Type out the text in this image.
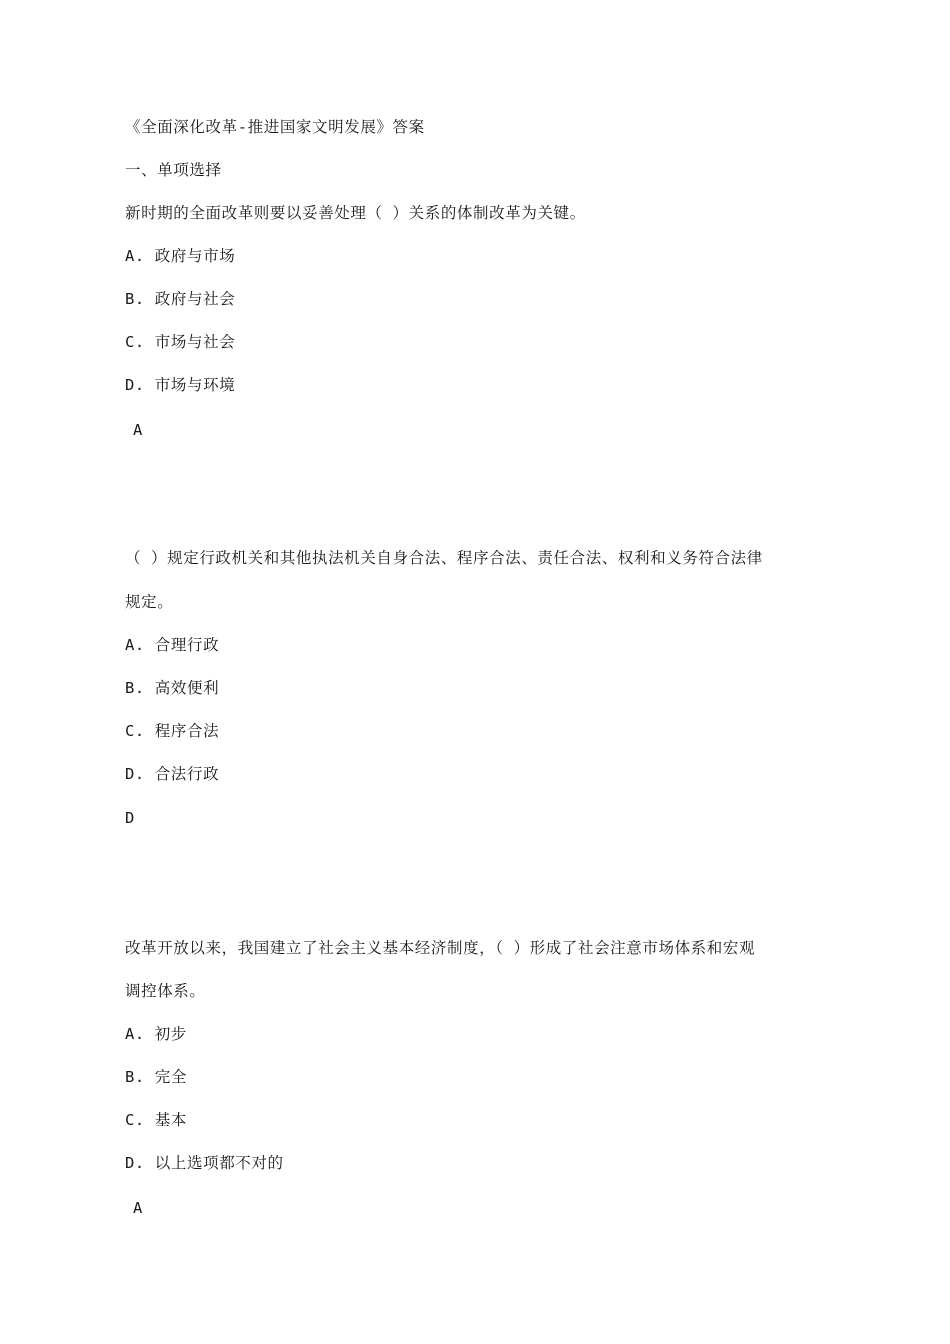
《全面深化改革-推进国家文明发展》答案

一、单项选择

新时期的全面改革则要以妥善处理（ ）关系的体制改革为关键。

A. 政府与市场

B. 政府与社会

C. 市场与社会

D. 市场与环境

A

（ ）规定行政机关和其他执法机关自身合法、程序合法、责任合法、权利和义务符合法律

规定。

A. 合理行政

B. 高效便利

C. 程序合法

D. 合法行政

D

改革开放以来，我国建立了社会主义基本经济制度，（ ）形成了社会注意市场体系和宏观

调控体系。

A. 初步

B. 完全

C. 基本

D. 以上选项都不对的

A
